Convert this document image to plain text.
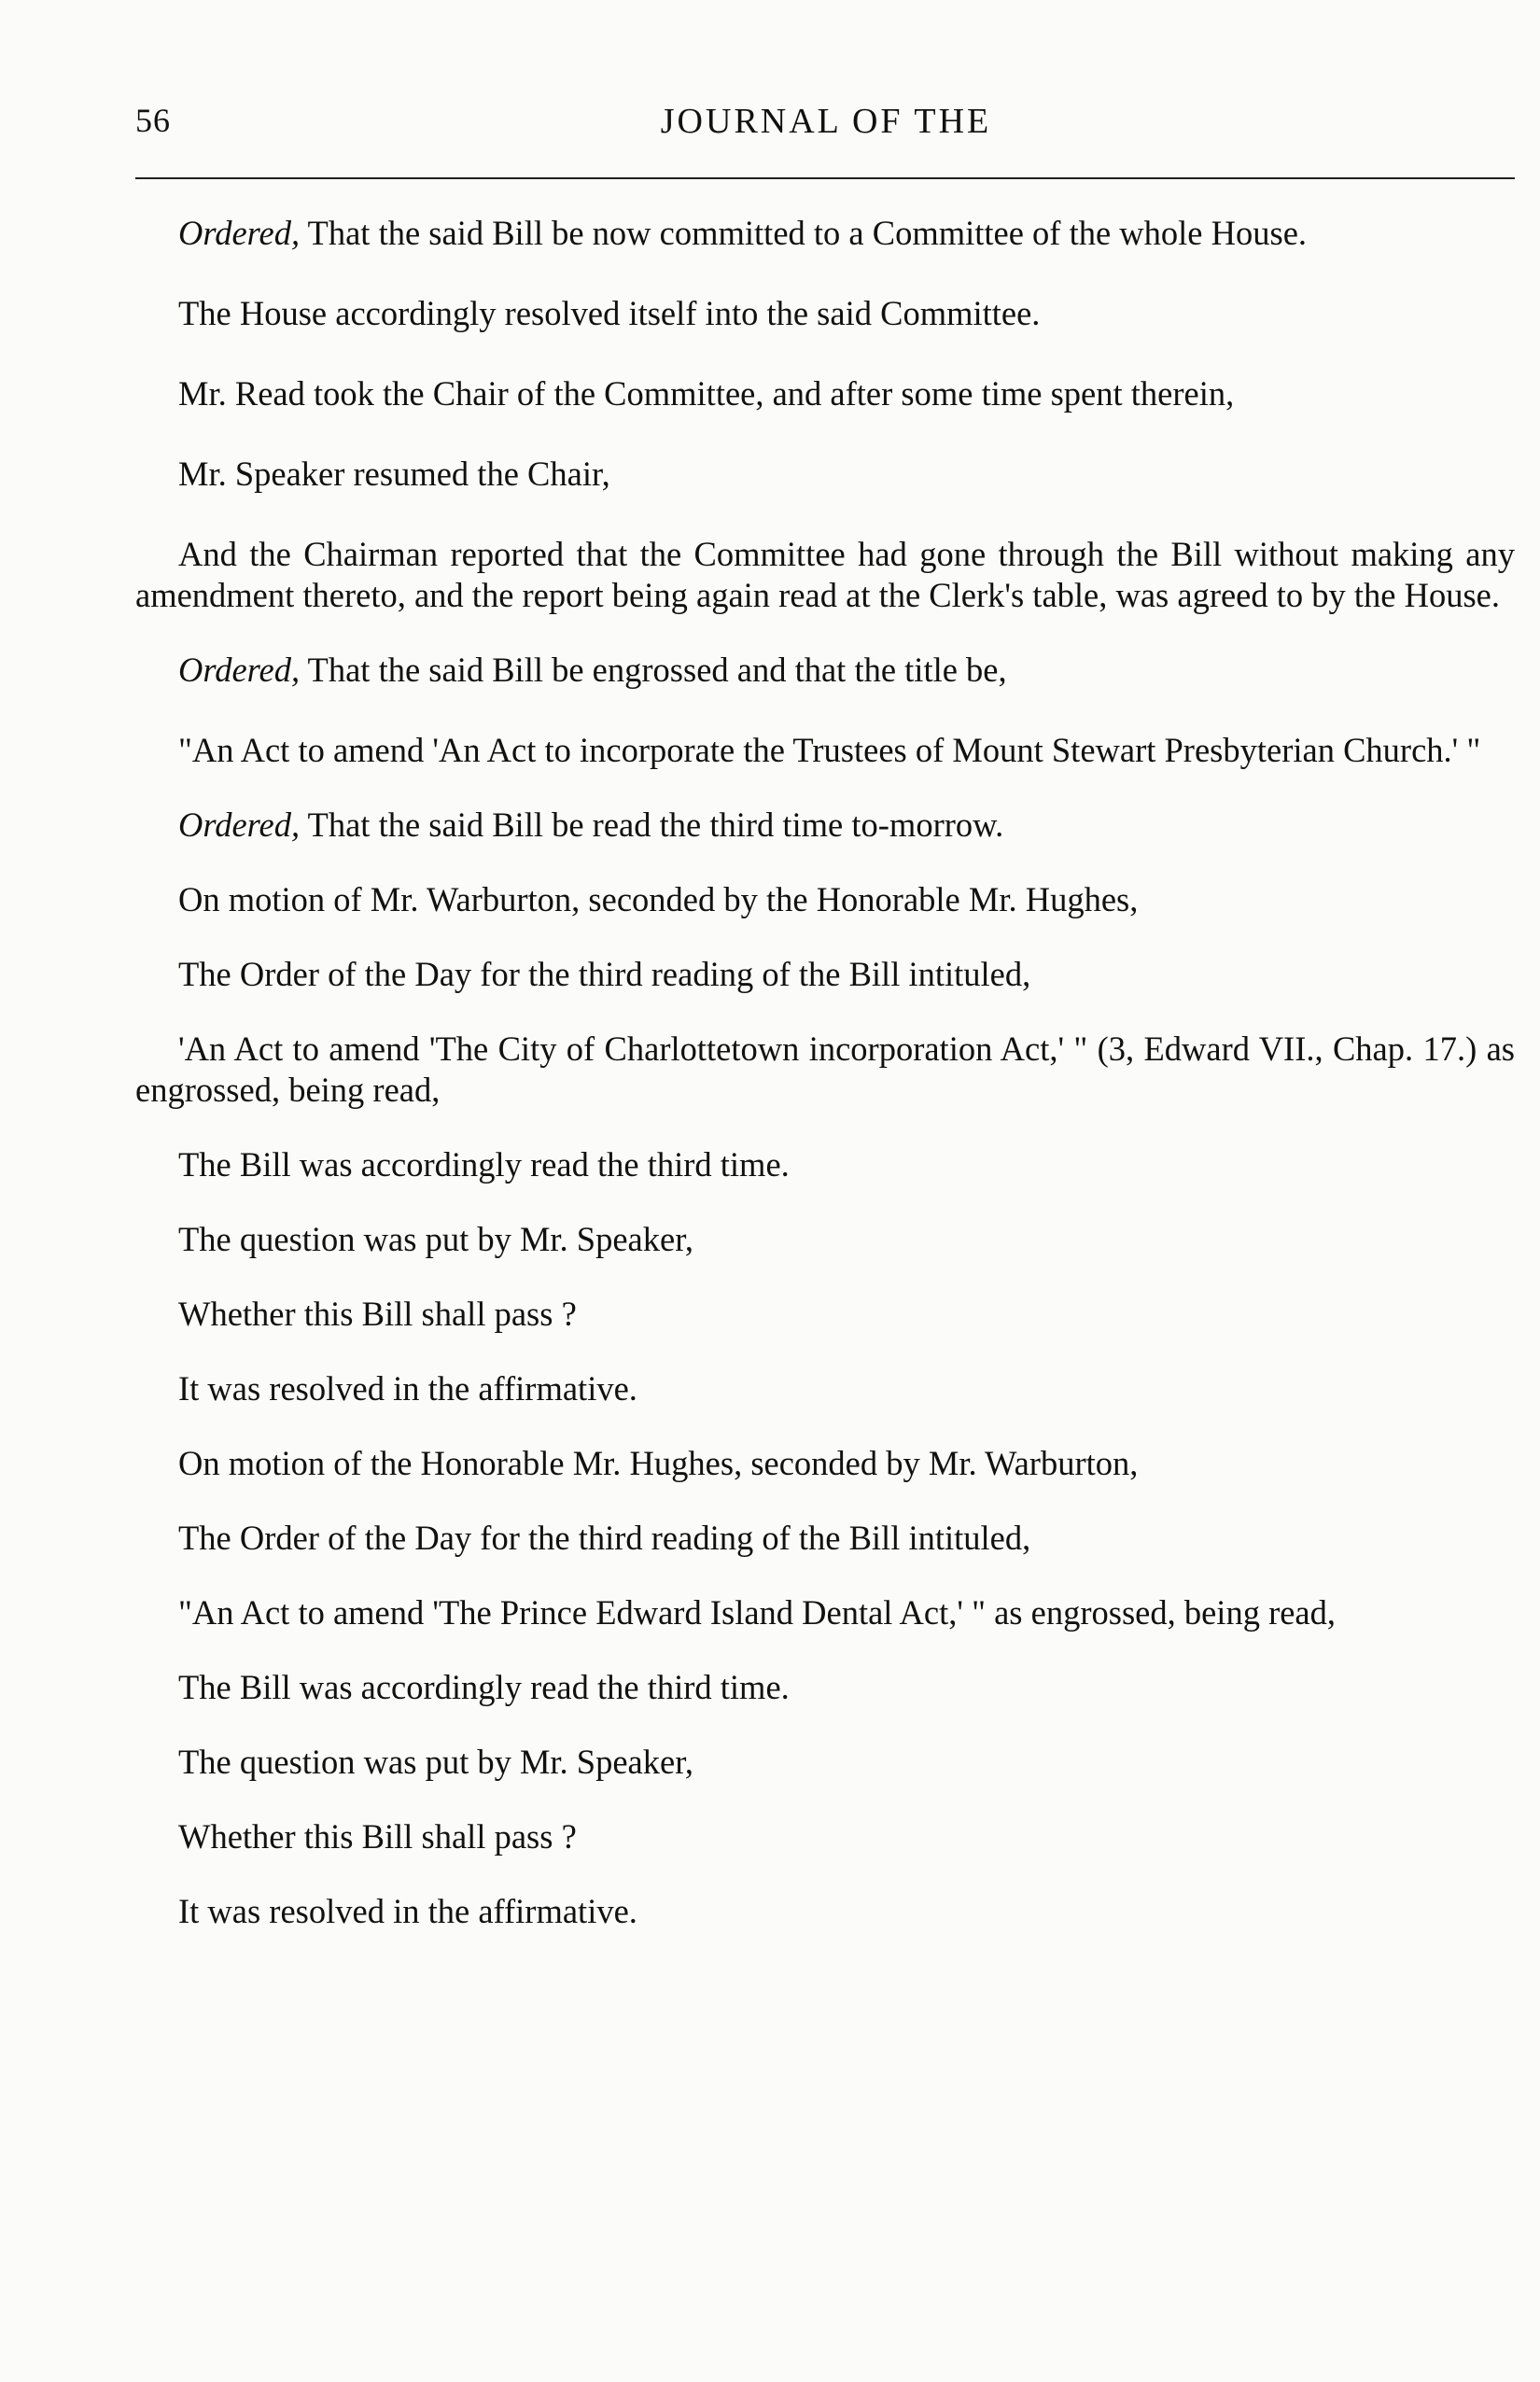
56	JOURNAL OF THE

Ordered, That the said Bill be now committed to a Committee of the whole House.

The House accordingly resolved itself into the said Committee.

Mr. Read took the Chair of the Committee, and after some time spent therein,

Mr. Speaker resumed the Chair,

And the Chairman reported that the Committee had gone through the Bill without making any amendment thereto, and the report being again read at the Clerk's table, was agreed to by the House.

Ordered, That the said Bill be engrossed and that the title be,

"An Act to amend 'An Act to incorporate the Trustees of Mount Stewart Presbyterian Church.' "

Ordered, That the said Bill be read the third time to-morrow.

On motion of Mr. Warburton, seconded by the Honorable Mr. Hughes,

The Order of the Day for the third reading of the Bill intituled,

'An Act to amend 'The City of Charlottetown incorporation Act,' " (3, Edward VII., Chap. 17.) as engrossed, being read,

The Bill was accordingly read the third time.

The question was put by Mr. Speaker,

Whether this Bill shall pass ?

It was resolved in the affirmative.

On motion of the Honorable Mr. Hughes, seconded by Mr. Warburton,

The Order of the Day for the third reading of the Bill intituled,

"An Act to amend 'The Prince Edward Island Dental Act,' " as engrossed, being read,

The Bill was accordingly read the third time.

The question was put by Mr. Speaker,

Whether this Bill shall pass ?

It was resolved in the affirmative.
